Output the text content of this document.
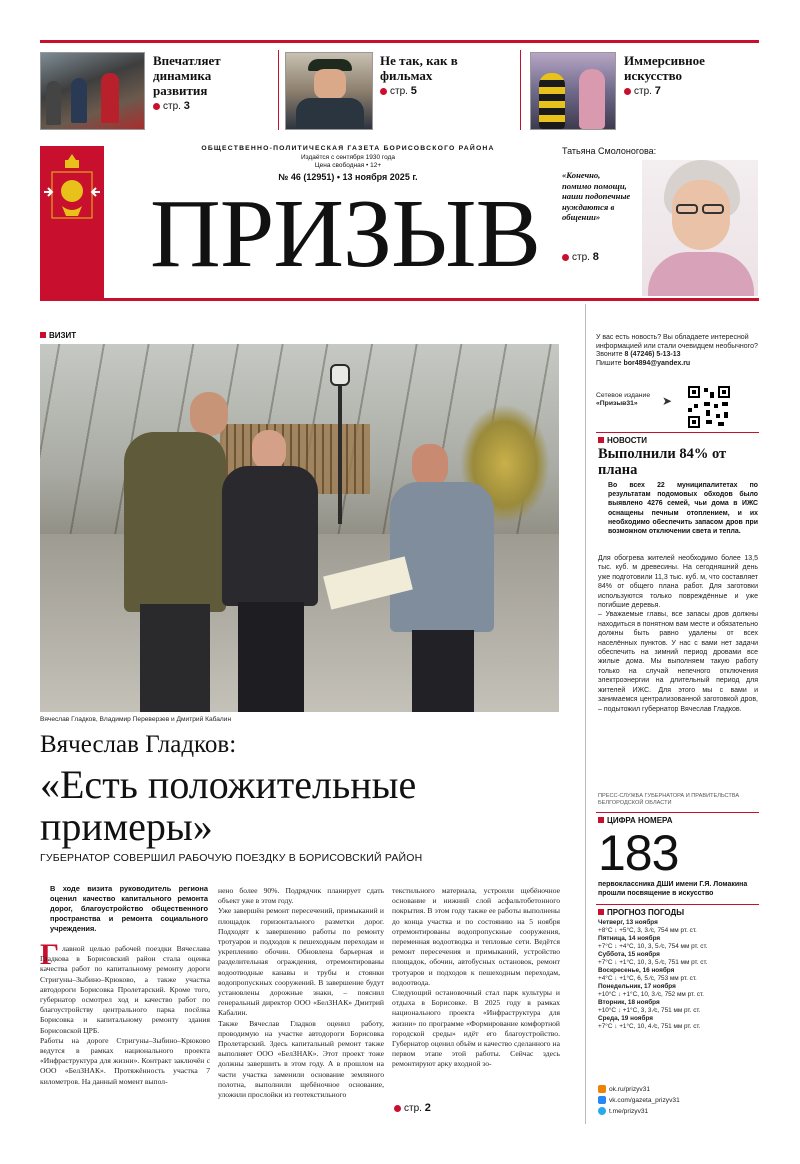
Впечатляет динамика развития
стр. 3
Не так, как в фильмах
стр. 5
Иммерсивное искусство
стр. 7
ОБЩЕСТВЕННО-ПОЛИТИЧЕСКАЯ ГАЗЕТА БОРИСОВСКОГО РАЙОНА
Издаётся с сентября 1930 года
Цена свободная • 12+
№ 46 (12951) • 13 ноября 2025 г.
ПРИЗЫВ
Татьяна Смолоногова:
«Конечно, помимо помощи, наши подопечные нуждаются в общении»
стр. 8
ВИЗИТ
Вячеслав Гладков, Владимир Переверзев и Дмитрий Кабалин
Вячеслав Гладков:
«Есть положительные примеры»
ГУБЕРНАТОР СОВЕРШИЛ РАБОЧУЮ ПОЕЗДКУ В БОРИСОВСКИЙ РАЙОН
В ходе визита руководитель региона оценил качество капитального ремонта дорог, благоустройство общественного пространства и ремонта социального учреждения.
Г лавной целью рабочей поездки Вячеслава Гладкова в Борисовский район стала оценка качества работ по капитальному ремонту дороги Стригуны–Зыбино–Крюково, а также участка автодороги Борисовка Пролетарский. Кроме того, губернатор осмотрел ход и качество работ по благоустройству центрального парка посёлка Борисовка и капитальному ремонту здания Борисовской ЦРБ.
Работы на дороге Стригуны–Зыбино–Крюково ведутся в рамках национального проекта «Инфраструктура для жизни». Контракт заключён с ООО «БелЗНАК». Протяжённость участка 7 километров. На данный момент выпол-
нено более 90%. Подрядчик планирует сдать объект уже в этом году.
Уже завершён ремонт пересечений, примыканий и площадок горизонтального разметки дорог. Подходят к завершению работы по ремонту тротуаров и подходов к пешеходным переходам и укреплению обочин. Обновлена барьерная и разделительная ограждения, отремонтированы водоотводные канавы и трубы и стоянки водопропускных сооружений. В завершение будут установлены дорожные знаки, – пояснил генеральный директор ООО «БелЗНАК» Дмитрий Кабалин.
Также Вячеслав Гладков оценил работу, проводимую на участке автодороги Борисовка Пролетарский. Здесь капитальный ремонт также выполняет ООО «БелЗНАК». Этот проект тоже должны завершить в этом году. А в прошлом на части участка заменили основание земляного полотна, выполнили щебёночное основание, уложили прослойки из геотекстильного
текстильного материала, устроили щебёночное основание и нижний слой асфальтобетонного покрытия. В этом году также ее работы выполнены до конца участка и по состоянию на 5 ноября отремонтированы водопропускные сооружения, переменная водоотводка и тепловые сети. Ведётся ремонт пересечения и примыканий, устройство площадок, обочин, автобусных остановок, ремонт тротуаров и подходов к пешеходным переходам, водоотвода.
Следующий остановочный стал парк культуры и отдыха в Борисовке. В 2025 году в рамках национального проекта «Инфраструктура для жизни» по программе «Формирование комфортной городской среды» идёт его благоустройство. Губернатор оценил объём и качество сделанного на первом этапе этой работы. Сейчас здесь ремонтируют арку входной зо-
стр. 2
У вас есть новость? Вы обладаете интересной информацией или стали очевидцем необычного?
Звоните 8 (47246) 5-13-13
Пишите bor4894@yandex.ru
Сетевое издание
«Призыв31»	➤
НОВОСТИ
Выполнили 84% от плана
Во всех 22 муниципалитетах по результатам подомовых обходов было выявлено 4276 семей, чьи дома в ИЖС оснащены печным отоплением, и их необходимо обеспечить запасом дров при возможном отключении света и тепла.
Для обогрева жителей необходимо более 13,5 тыс. куб. м древесины. На сегодняшний день уже подготовили 11,3 тыс. куб. м, что составляет 84% от общего плана работ. Для заготовки используются только повреждённые и уже погибшие деревья.
– Уважаемые главы, все запасы дров должны находиться в понятном вам месте и обязательно должны быть равно удалены от всех населённых пунктов. У нас с вами нет задачи обеспечить на зимний период дровами все жилые дома. Мы выполняем такую работу только на случай непечного отключения электроэнергии на длительный период для жителей ИЖС. Для этого мы с вами и занимаемся централизованной заготовкой дров, – подытожил губернатор Вячеслав Гладков.
ПРЕСС-СЛУЖБА ГУБЕРНАТОРА И ПРАВИТЕЛЬСТВА БЕЛГОРОДСКОЙ ОБЛАСТИ
ЦИФРА НОМЕРА
183
первоклассника ДШИ имени Г.Я. Ломакина прошли посвящение в искусство
ПРОГНОЗ ПОГОДЫ
Четверг, 13 ноября
+8°С ↓ +5°С, 3, 3 ⁄с, 754 мм рт. ст.
Пятница, 14 ноября
+7°С ↓ +4°С, 10, 3, 5 ⁄с, 754 мм рт. ст.
Суббота, 15 ноября
+7°С ↓ +1°С, 10, 3, 5 ⁄с, 751 мм рт. ст.
Воскресенье, 16 ноября
+4°С ↓ +1°С, 6, 5 ⁄с, 753 мм рт. ст.
Понедельник, 17 ноября
+10°С ↓ +1°С, 10, 3 ⁄с, 752 мм рт. ст.
Вторник, 18 ноября
+10°С ↓ +1°С, 3, 3 ⁄с, 751 мм рт. ст.
Среда, 19 ноября
+7°С ↓ +1°С, 10, 4 ⁄с, 751 мм рт. ст.
ok.ru/prizyv31
vk.com/gazeta_prizyv31
t.me/prizyv31
